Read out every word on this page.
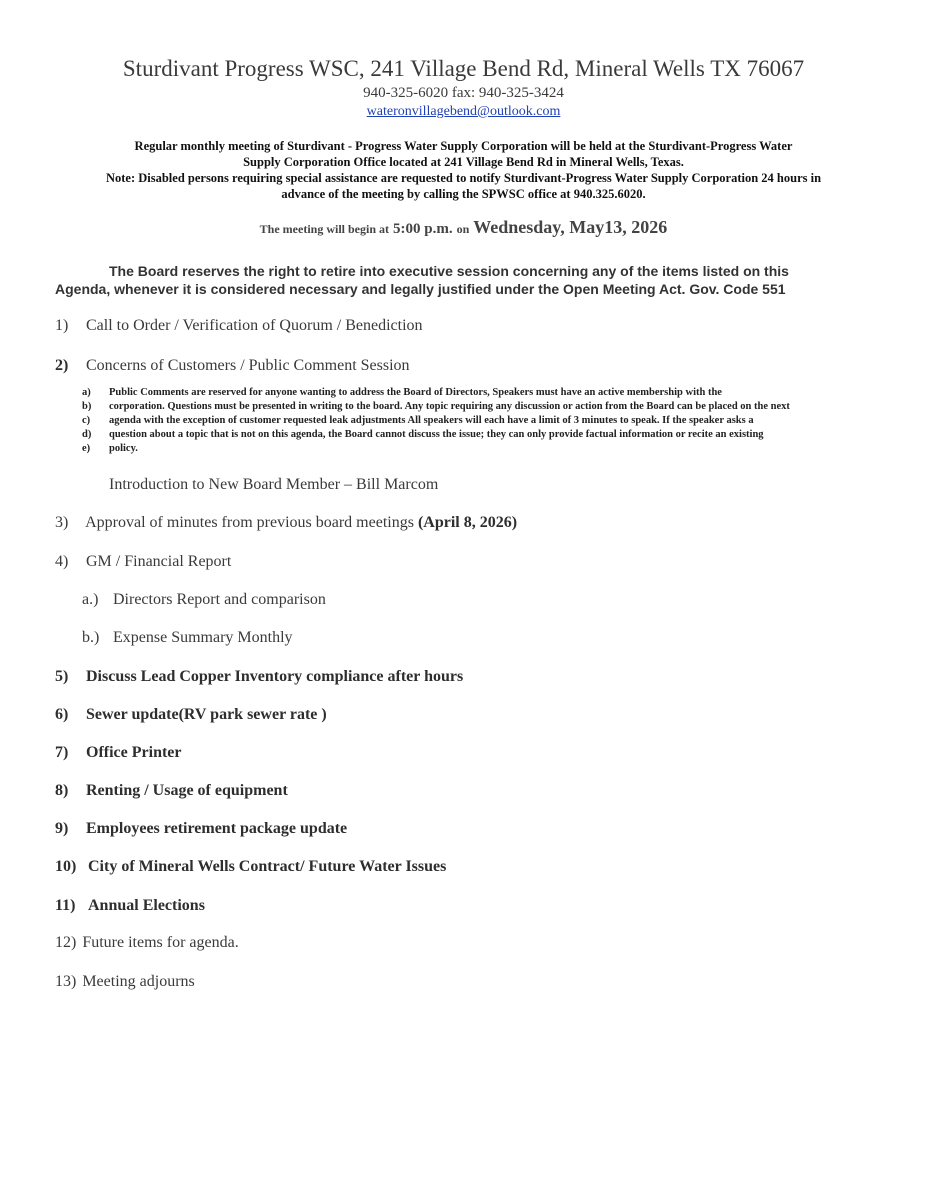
Sturdivant Progress WSC, 241 Village Bend Rd, Mineral Wells TX 76067
940-325-6020 fax: 940-325-3424
wateronvillagebend@outlook.com

Regular monthly meeting of Sturdivant - Progress Water Supply Corporation will be held at the Sturdivant-Progress Water

Supply Corporation Office located at 241 Village Bend Rd in Mineral Wells, Texas.

Note: Disabled persons requiring special assistance are requested to notify Sturdivant-Progress Water Supply Corporation 24 hours in

advance of the meeting by calling the SPWSC office at 940.325.6020.

The meeting will begin at 5:00 p.m. on Wednesday, May13, 2026

The Board reserves the right to retire into executive session concerning any of the items listed on this

Agenda, whenever it is considered necessary and legally justified under the Open Meeting Act. Gov. Code 551

1) Call to Order / Verification of Quorum / Benediction
2) Concerns of Customers / Public Comment Session
a) Public Comments are reserved for anyone wanting to address the Board of Directors, Speakers must have an active membership with the
b) corporation. Questions must be presented in writing to the board. Any topic requiring any discussion or action from the Board can be placed on the next
c) agenda with the exception of customer requested leak adjustments All speakers will each have a limit of 3 minutes to speak. If the speaker asks a
d) question about a topic that is not on this agenda, the Board cannot discuss the issue; they can only provide factual information or recite an existing
e) policy.
Introduction to New Board Member – Bill Marcom
3) Approval of minutes from previous board meetings (April 8, 2026)
4) GM / Financial Report
a.) Directors Report and comparison
b.) Expense Summary Monthly
5) Discuss Lead Copper Inventory compliance after hours
6) Sewer update(RV park sewer rate )
7) Office Printer
8) Renting / Usage of equipment
9) Employees retirement package update
10) City of Mineral Wells Contract/ Future Water Issues
11) Annual Elections
12) Future items for agenda.
13) Meeting adjourns
